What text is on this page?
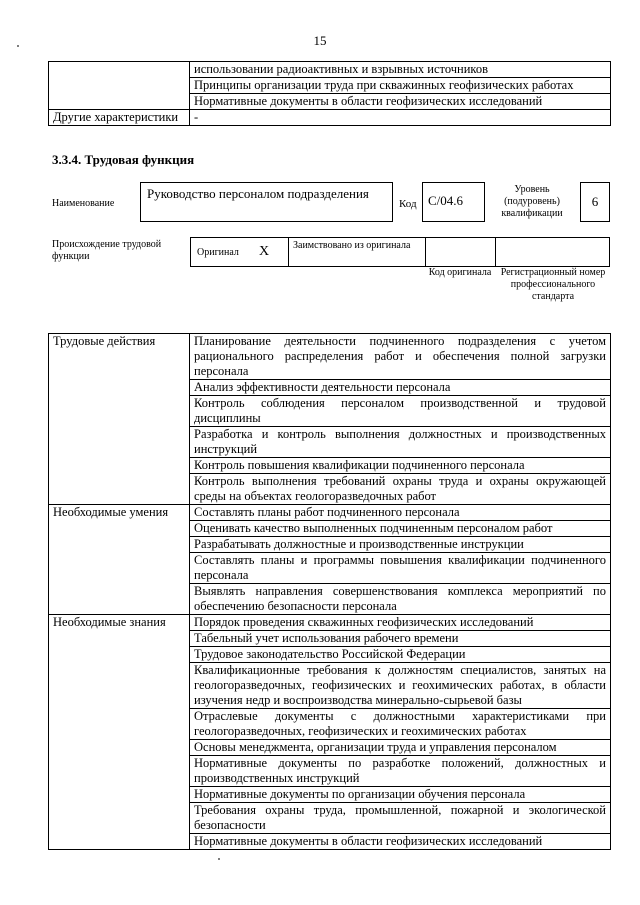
15
	использовании радиоактивных и взрывных источников
	Принципы организации труда при скважинных геофизических работах
	Нормативные документы в области геофизических исследований
Другие характеристики	-
3.3.4. Трудовая функция
Наименование
Руководство персоналом подразделения
Код C/04.6
Уровень (подуровень) квалификации
6
Происхождение трудовой функции	Оригинал X Заимствовано из оригинала
Код оригинала Регистрационный номер профессионального стандарта
Трудовые действия	Планирование деятельности подчиненного подразделения с учетом рационального распределения работ и обеспечения полной загрузки персонала
	Анализ эффективности деятельности персонала
	Контроль соблюдения персоналом производственной и трудовой дисциплины
	Разработка и контроль выполнения должностных и производственных инструкций
	Контроль повышения квалификации подчиненного персонала
	Контроль выполнения требований охраны труда и охраны окружающей среды на объектах геологоразведочных работ
Необходимые умения	Составлять планы работ подчиненного персонала
	Оценивать качество выполненных подчиненным персоналом работ
	Разрабатывать должностные и производственные инструкции
	Составлять планы и программы повышения квалификации подчиненного персонала
	Выявлять направления совершенствования комплекса мероприятий по обеспечению безопасности персонала
Необходимые знания	Порядок проведения скважинных геофизических исследований
	Табельный учет использования рабочего времени
	Трудовое законодательство Российской Федерации
	Квалификационные требования к должностям специалистов, занятых на геологоразведочных, геофизических и геохимических работах, в области изучения недр и воспроизводства минерально-сырьевой базы
	Отраслевые документы с должностными характеристиками при геологоразведочных, геофизических и геохимических работах
	Основы менеджмента, организации труда и управления персоналом
	Нормативные документы по разработке положений, должностных и производственных инструкций
	Нормативные документы по организации обучения персонала
	Требования охраны труда, промышленной, пожарной и экологической безопасности
	Нормативные документы в области геофизических исследований
